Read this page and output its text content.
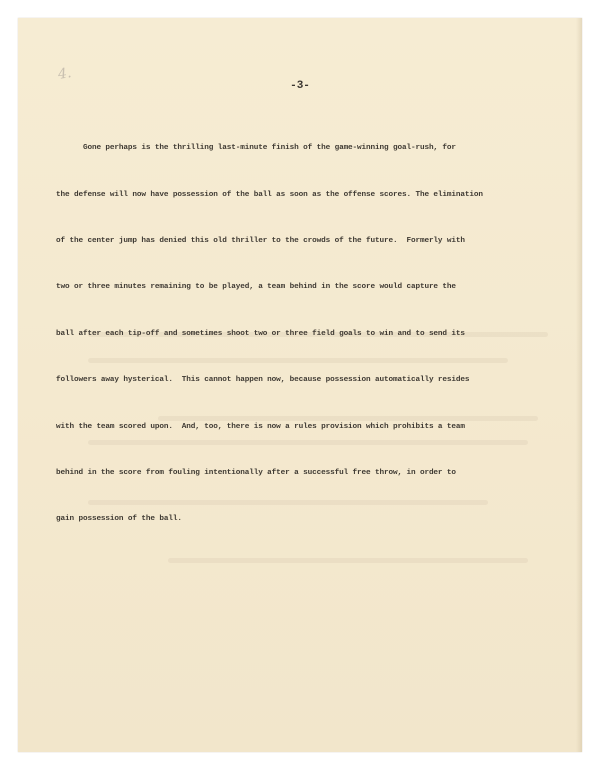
4.
-3-

Gone perhaps is the thrilling last-minute finish of the game-winning goal-rush, for

the defense will now have possession of the ball as soon as the offense scores. The elimination

of the center jump has denied this old thriller to the crowds of the future.  Formerly with

two or three minutes remaining to be played, a team behind in the score would capture the

ball after each tip-off and sometimes shoot two or three field goals to win and to send its

followers away hysterical.  This cannot happen now, because possession automatically resides

with the team scored upon.  And, too, there is now a rules provision which prohibits a team

behind in the score from fouling intentionally after a successful free throw, in order to

gain possession of the ball.
